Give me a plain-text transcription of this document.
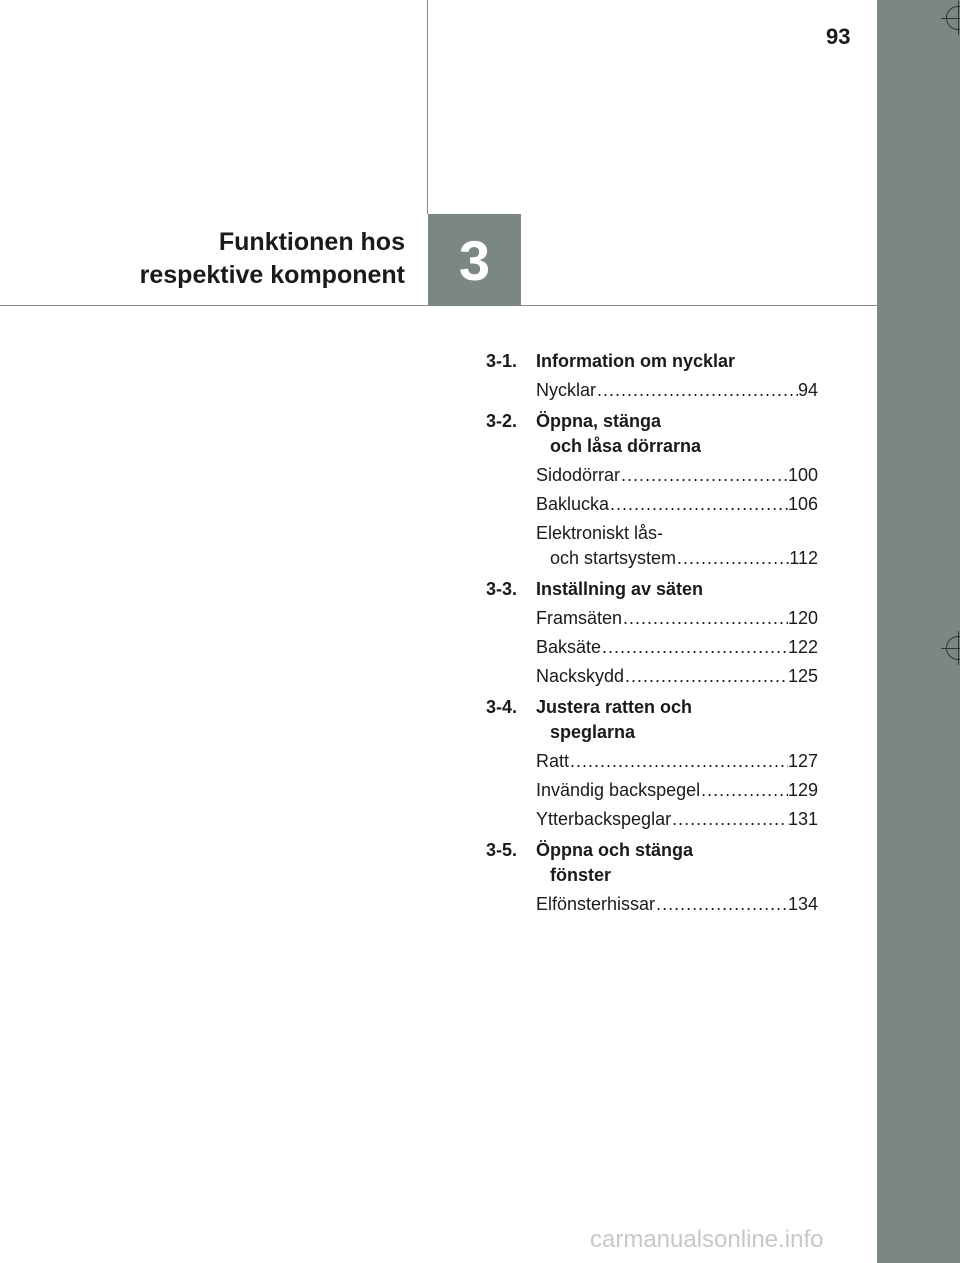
93
Funktionen hos
respektive komponent 3
3-1.	Information om nycklar
Nycklar .....	94
3-2.	Öppna, stänga
och låsa dörrarna
Sidodörrar .....	100
Baklucka .....	106
Elektroniskt lås-
och startsystem .....	112
3-3.	Inställning av säten
Framsäten .....	120
Baksäte .....	122
Nackskydd .....	125
3-4.	Justera ratten och
speglarna
Ratt .....	127
Invändig backspegel .....	129
Ytterbackspeglar .....	131
3-5.	Öppna och stänga
fönster
Elfönsterhissar .....	134
carmanualsonline.info
